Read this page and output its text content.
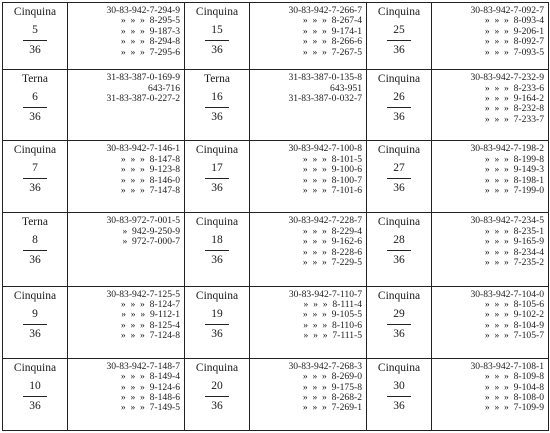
Cinquina
5
36	30-83-942-7-294-9
»  »  »  8-295-5
»  »  »  9-187-3
»  »  »  8-294-8
»  »  »  7-295-6	Cinquina
15
36	30-83-942-7-266-7
»  »  »  8-267-4
»  »  »  9-174-1
»  »  »  8-266-6
»  »  »  7-267-5	Cinquina
25
36	30-83-942-7-092-7
»  »  »  8-093-4
»  »  »  9-206-1
»  »  »  8-092-7
»  »  »  7-093-5

Terna
6
36	31-83-387-0-169-9
643-716
31-83-387-0-227-2	Terna
16
36	31-83-387-0-135-8
643-951
31-83-387-0-032-7	Cinquina
26
36	30-83-942-7-232-9
»  »  »  8-233-6
»  »  »  9-164-2
»  »  »  8-232-8
»  »  »  7-233-7

Cinquina
7
36	30-83-942-7-146-1
»  »  »  8-147-8
»  »  »  9-123-8
»  »  »  8-146-0
»  »  »  7-147-8	Cinquina
17
36	30-83-942-7-100-8
»  »  »  8-101-5
»  »  »  9-100-6
»  »  »  8-100-7
»  »  »  7-101-6	Cinquina
27
36	30-83-942-7-198-2
»  »  »  8-199-8
»  »  »  9-149-3
»  »  »  8-198-1
»  »  »  7-199-0

Terna
8
36	30-83-972-7-001-5
»  942-9-250-9
»  972-7-000-7	Cinquina
18
36	30-83-942-7-228-7
»  »  »  8-229-4
»  »  »  9-162-6
»  »  »  8-228-6
»  »  »  7-229-5	Cinquina
28
36	30-83-942-7-234-5
»  »  »  8-235-1
»  »  »  9-165-9
»  »  »  8-234-4
»  »  »  7-235-2

Cinquina
9
36	30-83-942-7-125-5
»  »  »  8-124-7
»  »  »  9-112-1
»  »  »  8-125-4
»  »  »  7-124-8	Cinquina
19
36	30-83-942-7-110-7
»  »  »  8-111-4
»  »  »  9-105-5
»  »  »  8-110-6
»  »  »  7-111-5	Cinquina
29
36	30-83-942-7-104-0
»  »  »  8-105-6
»  »  »  9-102-2
»  »  »  8-104-9
»  »  »  7-105-7

Cinquina
10
36	30-83-942-7-148-7
»  »  »  8-149-4
»  »  »  9-124-6
»  »  »  8-148-6
»  »  »  7-149-5	Cinquina
20
36	30-83-942-7-268-3
»  »  »  8-269-0
»  »  »  9-175-8
»  »  »  8-268-2
»  »  »  7-269-1	Cinquina
30
36	30-83-942-7-108-1
»  »  »  8-109-8
»  »  »  9-104-8
»  »  »  8-108-0
»  »  »  7-109-9
